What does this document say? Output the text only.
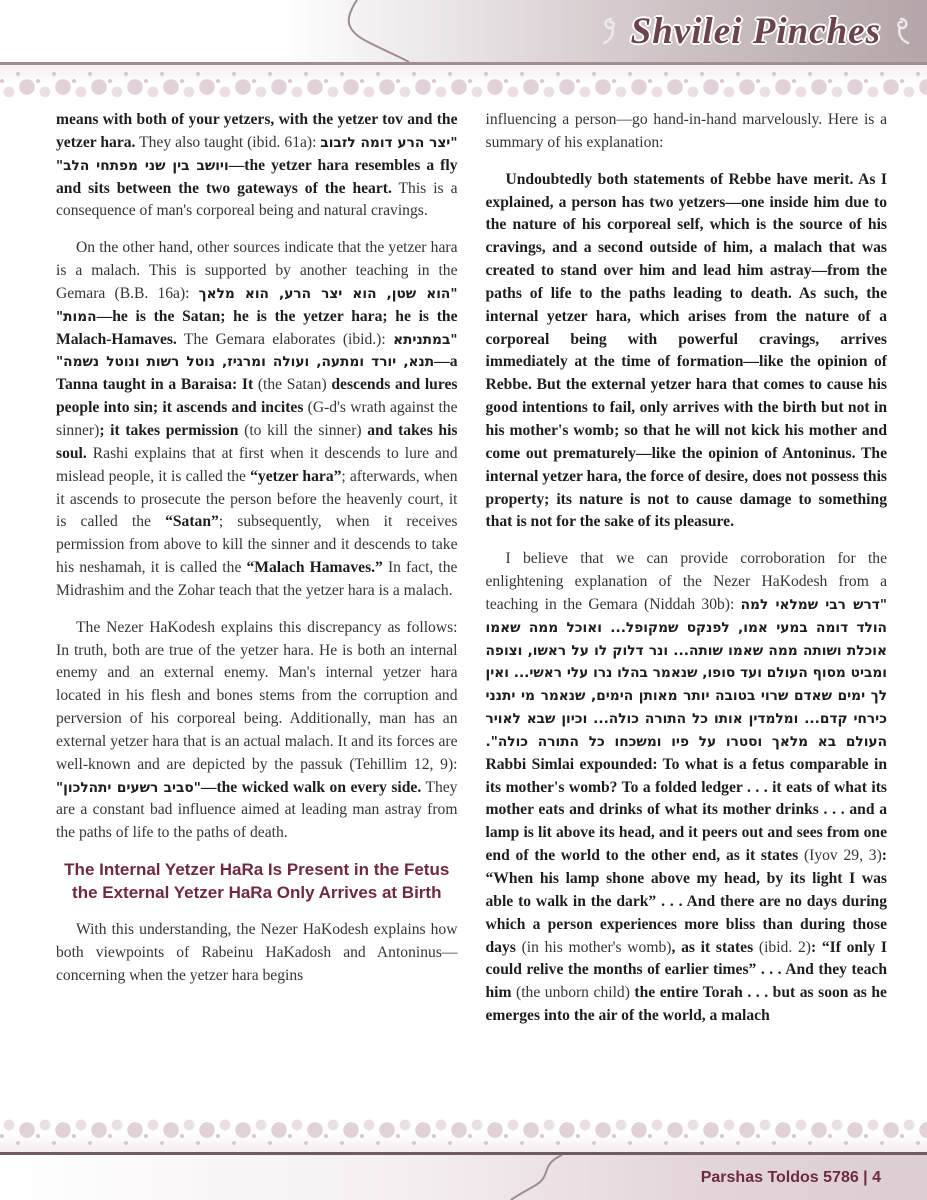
Shvilei Pinches

means with both of your yetzers, with the yetzer tov and the yetzer hara. They also taught (ibid. 61a): "יצר הרע דומה לזבוב ויושב בין שני מפתחי הלב"—the yetzer hara resembles a fly and sits between the two gateways of the heart. This is a consequence of man's corporeal being and natural cravings.

On the other hand, other sources indicate that the yetzer hara is a malach. This is supported by another teaching in the Gemara (B.B. 16a): "הוא שטן, הוא יצר הרע, הוא מלאך המות"—he is the Satan; he is the yetzer hara; he is the Malach-Hamaves. The Gemara elaborates (ibid.): "במתניתא תנא, יורד ומתעה, ועולה ומרגיז, נוטל רשות ונוטל נשמה"—a Tanna taught in a Baraisa: It (the Satan) descends and lures people into sin; it ascends and incites (G-d's wrath against the sinner); it takes permission (to kill the sinner) and takes his soul. Rashi explains that at first when it descends to lure and mislead people, it is called the “yetzer hara”; afterwards, when it ascends to prosecute the person before the heavenly court, it is called the “Satan”; subsequently, when it receives permission from above to kill the sinner and it descends to take his neshamah, it is called the “Malach Hamaves.” In fact, the Midrashim and the Zohar teach that the yetzer hara is a malach.

The Nezer HaKodesh explains this discrepancy as follows: In truth, both are true of the yetzer hara. He is both an internal enemy and an external enemy. Man's internal yetzer hara located in his flesh and bones stems from the corruption and perversion of his corporeal being. Additionally, man has an external yetzer hara that is an actual malach. It and its forces are well-known and are depicted by the passuk (Tehillim 12, 9): "סביב רשעים יתהלכון"—the wicked walk on every side. They are a constant bad influence aimed at leading man astray from the paths of life to the paths of death.

The Internal Yetzer HaRa Is Present in the Fetus
the External Yetzer HaRa Only Arrives at Birth

With this understanding, the Nezer HaKodesh explains how both viewpoints of Rabeinu HaKadosh and Antoninus—concerning when the yetzer hara begins

influencing a person—go hand-in-hand marvelously. Here is a summary of his explanation:

Undoubtedly both statements of Rebbe have merit. As I explained, a person has two yetzers—one inside him due to the nature of his corporeal self, which is the source of his cravings, and a second outside of him, a malach that was created to stand over him and lead him astray—from the paths of life to the paths leading to death. As such, the internal yetzer hara, which arises from the nature of a corporeal being with powerful cravings, arrives immediately at the time of formation—like the opinion of Rebbe. But the external yetzer hara that comes to cause his good intentions to fail, only arrives with the birth but not in his mother's womb; so that he will not kick his mother and come out prematurely—like the opinion of Antoninus. The internal yetzer hara, the force of desire, does not possess this property; its nature is not to cause damage to something that is not for the sake of its pleasure.

I believe that we can provide corroboration for the enlightening explanation of the Nezer HaKodesh from a teaching in the Gemara (Niddah 30b): "דרש רבי שמלאי למה הולד דומה במעי אמו, לפנקס שמקופל... ואוכל ממה שאמו אוכלת ושותה ממה שאמו שותה... ונר דלוק לו על ראשו, וצופה ומביט מסוף העולם ועד סופו, שנאמר בהלו נרו עלי ראשי... ואין לך ימים שאדם שרוי בטובה יותר מאותן הימים, שנאמר מי יתנני כירחי קדם... ומלמדין אותו כל התורה כולה... וכיון שבא לאויר העולם בא מלאך וסטרו על פיו ומשכחו כל התורה כולה". Rabbi Simlai expounded: To what is a fetus comparable in its mother's womb? To a folded ledger . . . it eats of what its mother eats and drinks of what its mother drinks . . . and a lamp is lit above its head, and it peers out and sees from one end of the world to the other end, as it states (Iyov 29, 3): “When his lamp shone above my head, by its light I was able to walk in the dark” . . . And there are no days during which a person experiences more bliss than during those days (in his mother's womb), as it states (ibid. 2): “If only I could relive the months of earlier times” . . . And they teach him (the unborn child) the entire Torah . . . but as soon as he emerges into the air of the world, a malach

Parshas Toldos 5786 | 4
